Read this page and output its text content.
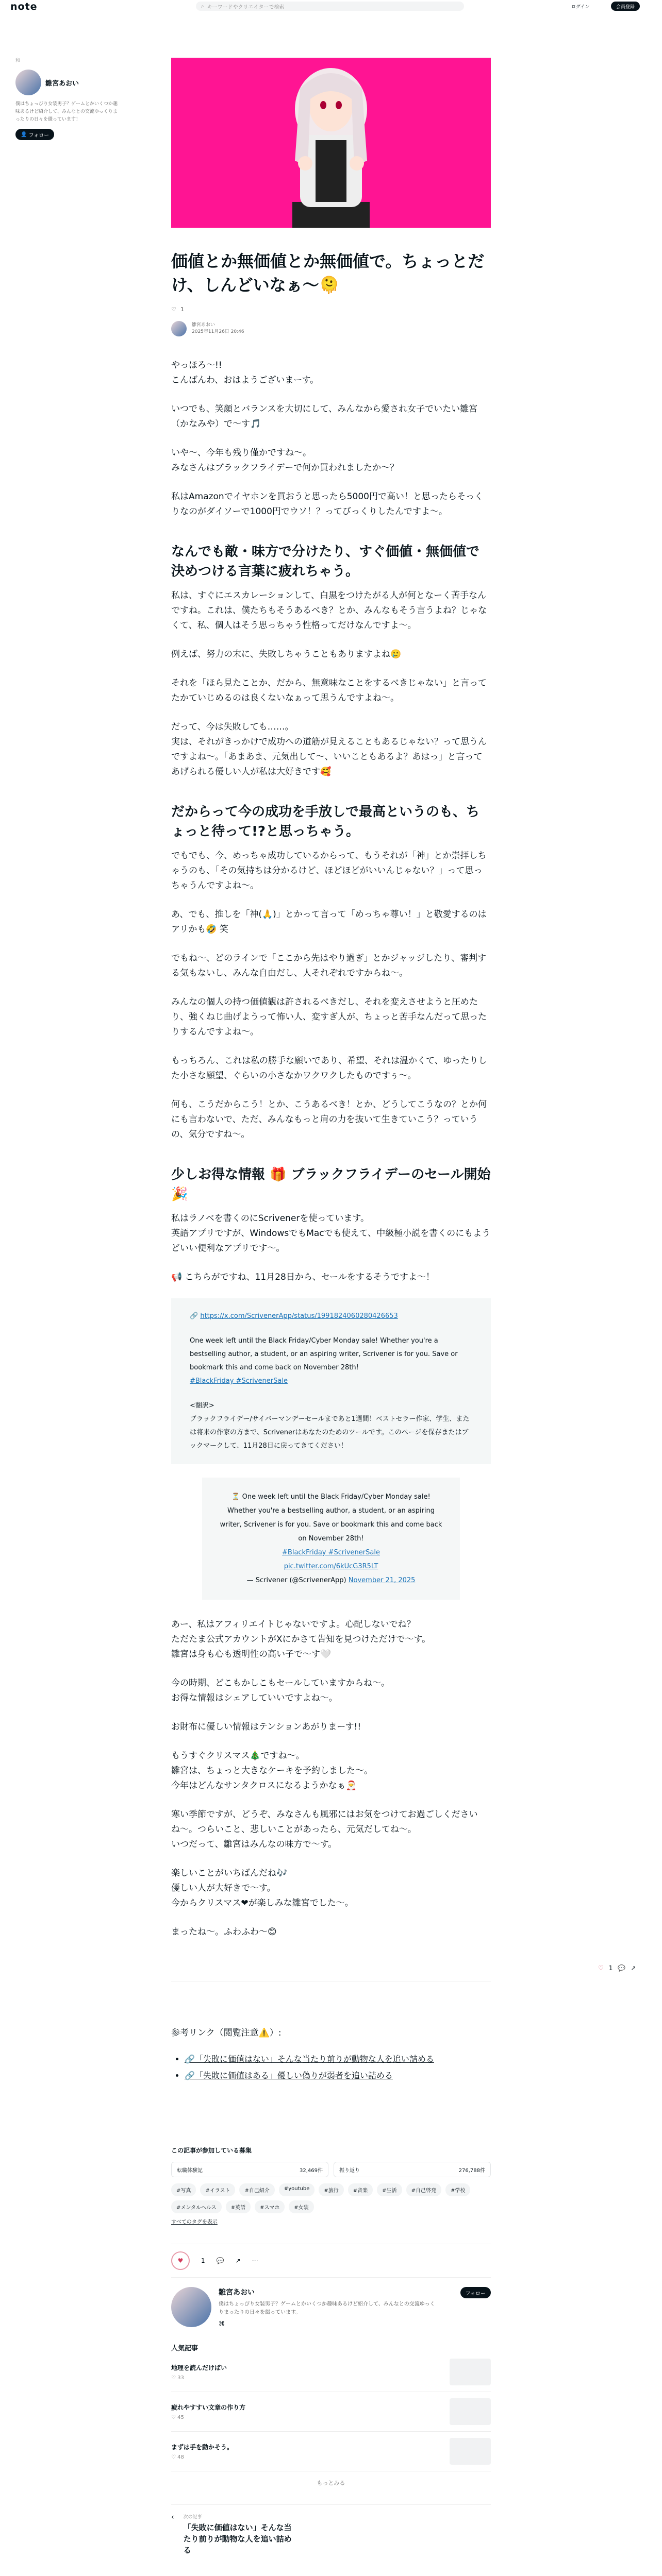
note	⌕ キーワードやクリエイターで検索	ログイン	会員登録
和
雛宮あおい
僕はちょっぴり女装男子？ゲームとかいくつか趣味あるけど紹介して、みんなとの交流ゆっくりまったりの日々を綴っています！
👤
フォロー
価値とか無価値とか無価値で。ちょっとだけ、しんどいなぁ〜🫠
♡ 1
雛宮あおい
2025年11月26日 20:46

やっほろ〜!!
こんばんわ、おはようございまーす。

いつでも、笑顔とバランスを大切にして、みんなから愛され女子でいたい雛宮（かなみや）で〜す🎵

いや〜、今年も残り僅かですね〜。
みなさんはブラックフライデーで何か買われましたか〜？

私はAmazonでイヤホンを買おうと思ったら5000円で高い！と思ったらそっくりなのがダイソーで1000円でウソ！？ってびっくりしたんですよ〜。

なんでも敵・味方で分けたり、すぐ価値・無価値で決めつける言葉に疲れちゃう。

私は、すぐにエスカレーションして、白黒をつけたがる人が何となーく苦手なんですね。これは、僕たちもそうあるべき？とか、みんなもそう言うよね？じゃなくて、私、個人はそう思っちゃう性格ってだけなんですよ〜。

例えば、努力の末に、失敗しちゃうこともありますよね🥲

それを「ほら見たことか、だから、無意味なことをするべきじゃない」と言ってたかていじめるのは良くないなぁって思うんですよね〜。

だって、今は失敗しても……。
実は、それがきっかけで成功への道筋が見えることもあるじゃない？って思うんですよね〜。「あまあま、元気出して〜、いいこともあるよ？あはっ」と言ってあげられる優しい人が私は大好きです🥰

だからって今の成功を手放しで最高というのも、ちょっと待って!?と思っちゃう。

でもでも、今、めっちゃ成功しているからって、もうそれが「神」とか崇拝しちゃうのも、「その気持ちは分かるけど、ほどほどがいいんじゃない？」って思っちゃうんですよね〜。

あ、でも、推しを「神(🙏)」とかって言って「めっちゃ尊い！」と敬愛するのはアリかも🤣 笑

でもね〜、どのラインで「ここから先はやり過ぎ」とかジャッジしたり、審判する気もないし、みんな自由だし、人それぞれですからね〜。

みんなの個人の持つ価値観は許されるべきだし、それを変えさせようと圧めたり、強くねじ曲げようって怖い人、変すぎ人が、ちょっと苦手なんだって思ったりするんですよね〜。

もっちろん、これは私の勝手な願いであり、希望、それは温かくて、ゆったりした小さな願望、ぐらいの小さなかワクワクしたものですぅ〜。

何も、こうだからこう！とか、こうあるべき！とか、どうしてこうなの？とか何にも言わないで、ただ、みんなもっと肩の力を抜いて生きていこう？っていうの、気分ですね〜。

少しお得な情報 🎁 ブラックフライデーのセール開始 🎉

私はラノベを書くのにScrivenerを使っています。
英語アプリですが、WindowsでもMacでも使えて、中級極小説を書くのにもようどいい便利なアプリです〜。

📢 こちらがですね、11月28日から、セールをするそうですよ〜！

🔗 https://x.com/ScrivenerApp/status/1991824060280426653
One week left until the Black Friday/Cyber Monday sale! Whether you're a bestselling author, a student, or an aspiring writer, Scrivener is for you. Save or bookmark this and come back on November 28th!
#BlackFriday #ScrivenerSale
<翻訳>
ブラックフライデー/サイバーマンデーセールまであと1週間！ベストセラー作家、学生、または将来の作家の方まで、Scrivenerはあなたのためのツールです。このページを保存またはブックマークして、11月28日に戻ってきてください！
⏳ One week left until the Black Friday/Cyber Monday sale! Whether you're a bestselling author, a student, or an aspiring writer, Scrivener is for you. Save or bookmark this and come back on November 28th!
#BlackFriday #ScrivenerSale
pic.twitter.com/6kUcG3R5LT
— Scrivener (@ScrivenerApp) November 21, 2025

あー、私はアフィリエイトじゃないですよ。心配しないでね？
ただたま公式アカウントがXにかさて告知を見つけただけで〜す。
雛宮は身も心も透明性の高い子で〜す🤍

今の時期、どこもかしこもセールしていますからね〜。
お得な情報はシェアしていいですよね〜。

お財布に優しい情報はテンションあがりまーす!!

もうすぐクリスマス🎄ですね〜。
雛宮は、ちょっと大きなケーキを予約しました〜。
今年はどんなサンタクロスになるようかなぁ🎅

寒い季節ですが、どうぞ、みなさんも風邪にはお気をつけてお過ごしくださいね〜。つらいこと、悲しいことがあったら、元気だしてね〜。
いつだって、雛宮はみんなの味方で〜す。

楽しいことがいちばんだね🎶
優しい人が大好きで〜す。
今からクリスマス❤が楽しみな雛宮でした〜。

まったね〜。ふわふわ〜😊

参考リンク（閲覧注意⚠️）:

• 🔗「失敗に価値はない」そんな当たり前りが動物な人を追い詰める
• 🔗「失敗に価値はある」優しい偽りが弱者を追い詰める
この記事が参加している募集
転職体験記	32,469件	振り返り	276,788件
#写真	#イラスト	#自己紹介	#youtube	#旅行	#音楽	#生活	#自己啓発	#学校
#メンタルヘルス	#英語	#スマホ	#女装
すべてのタグを表示
♥	1 💬 ↗ ⋯
雛宮あおい
僕はちょっぴり女装男子？ゲームとかいくつか趣味あるけど紹介して、みんなとの交流ゆっくりまったりの日々を綴っています。
⌘
フォロー
人気記事
地理を読んだけばい
♡ 33
疲れやすすい文章の作り方
♡ 45
まずは手を動かそう。
♡ 48
もっとみる
‹ 次の記事
「失敗に価値はない」そんな当たり前りが動物な人を追い詰める
♡ 1 💬 ↗
